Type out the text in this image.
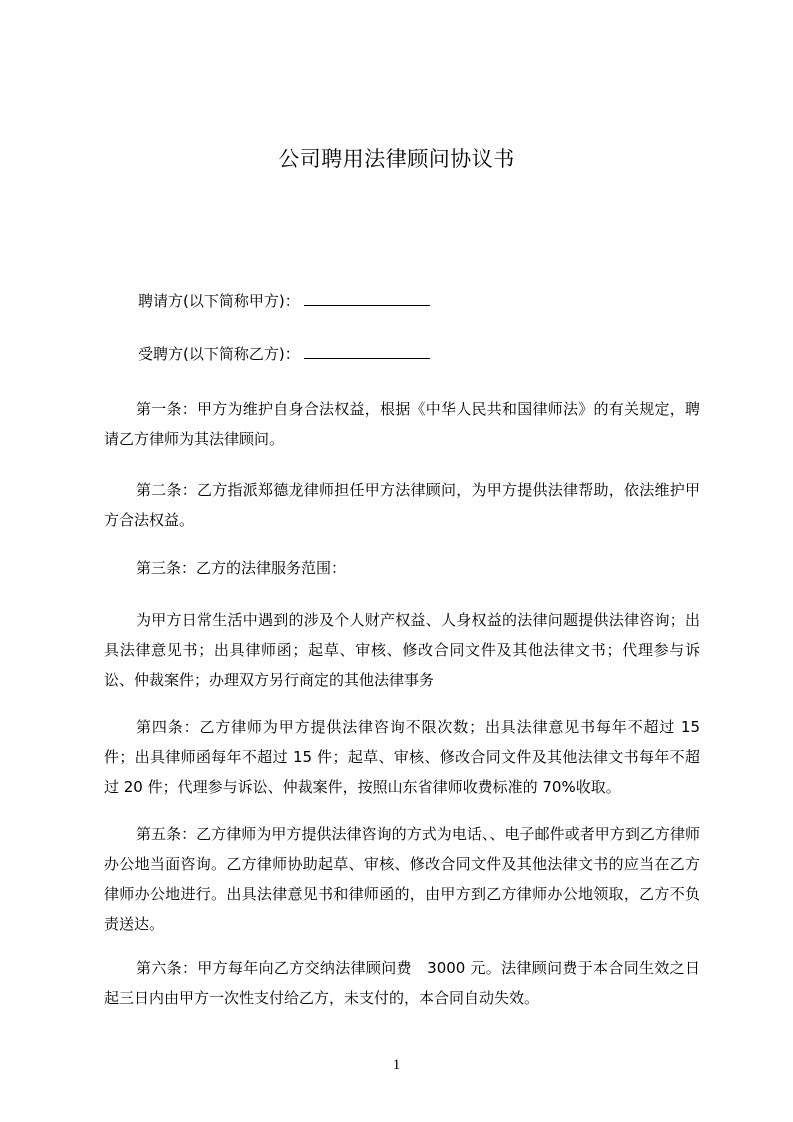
公司聘用法律顾问协议书
聘请方(以下简称甲方)：
受聘方(以下简称乙方)：
第一条：甲方为维护自身合法权益，根据《中华人民共和国律师法》的有关规定，聘请乙方律师为其法律顾问。
第二条：乙方指派郑德龙律师担任甲方法律顾问，为甲方提供法律帮助，依法维护甲方合法权益。
第三条：乙方的法律服务范围：
为甲方日常生活中遇到的涉及个人财产权益、人身权益的法律问题提供法律咨询；出具法律意见书；出具律师函；起草、审核、修改合同文件及其他法律文书；代理参与诉讼、仲裁案件；办理双方另行商定的其他法律事务
第四条：乙方律师为甲方提供法律咨询不限次数；出具法律意见书每年不超过 15 件；出具律师函每年不超过 15 件；起草、审核、修改合同文件及其他法律文书每年不超过 20 件；代理参与诉讼、仲裁案件，按照山东省律师收费标准的 70%收取。
第五条：乙方律师为甲方提供法律咨询的方式为电话、、电子邮件或者甲方到乙方律师办公地当面咨询。乙方律师协助起草、审核、修改合同文件及其他法律文书的应当在乙方律师办公地进行。出具法律意见书和律师函的，由甲方到乙方律师办公地领取，乙方不负责送达。
第六条：甲方每年向乙方交纳法律顾问费　3000 元。法律顾问费于本合同生效之日起三日内由甲方一次性支付给乙方，未支付的，本合同自动失效。
1
